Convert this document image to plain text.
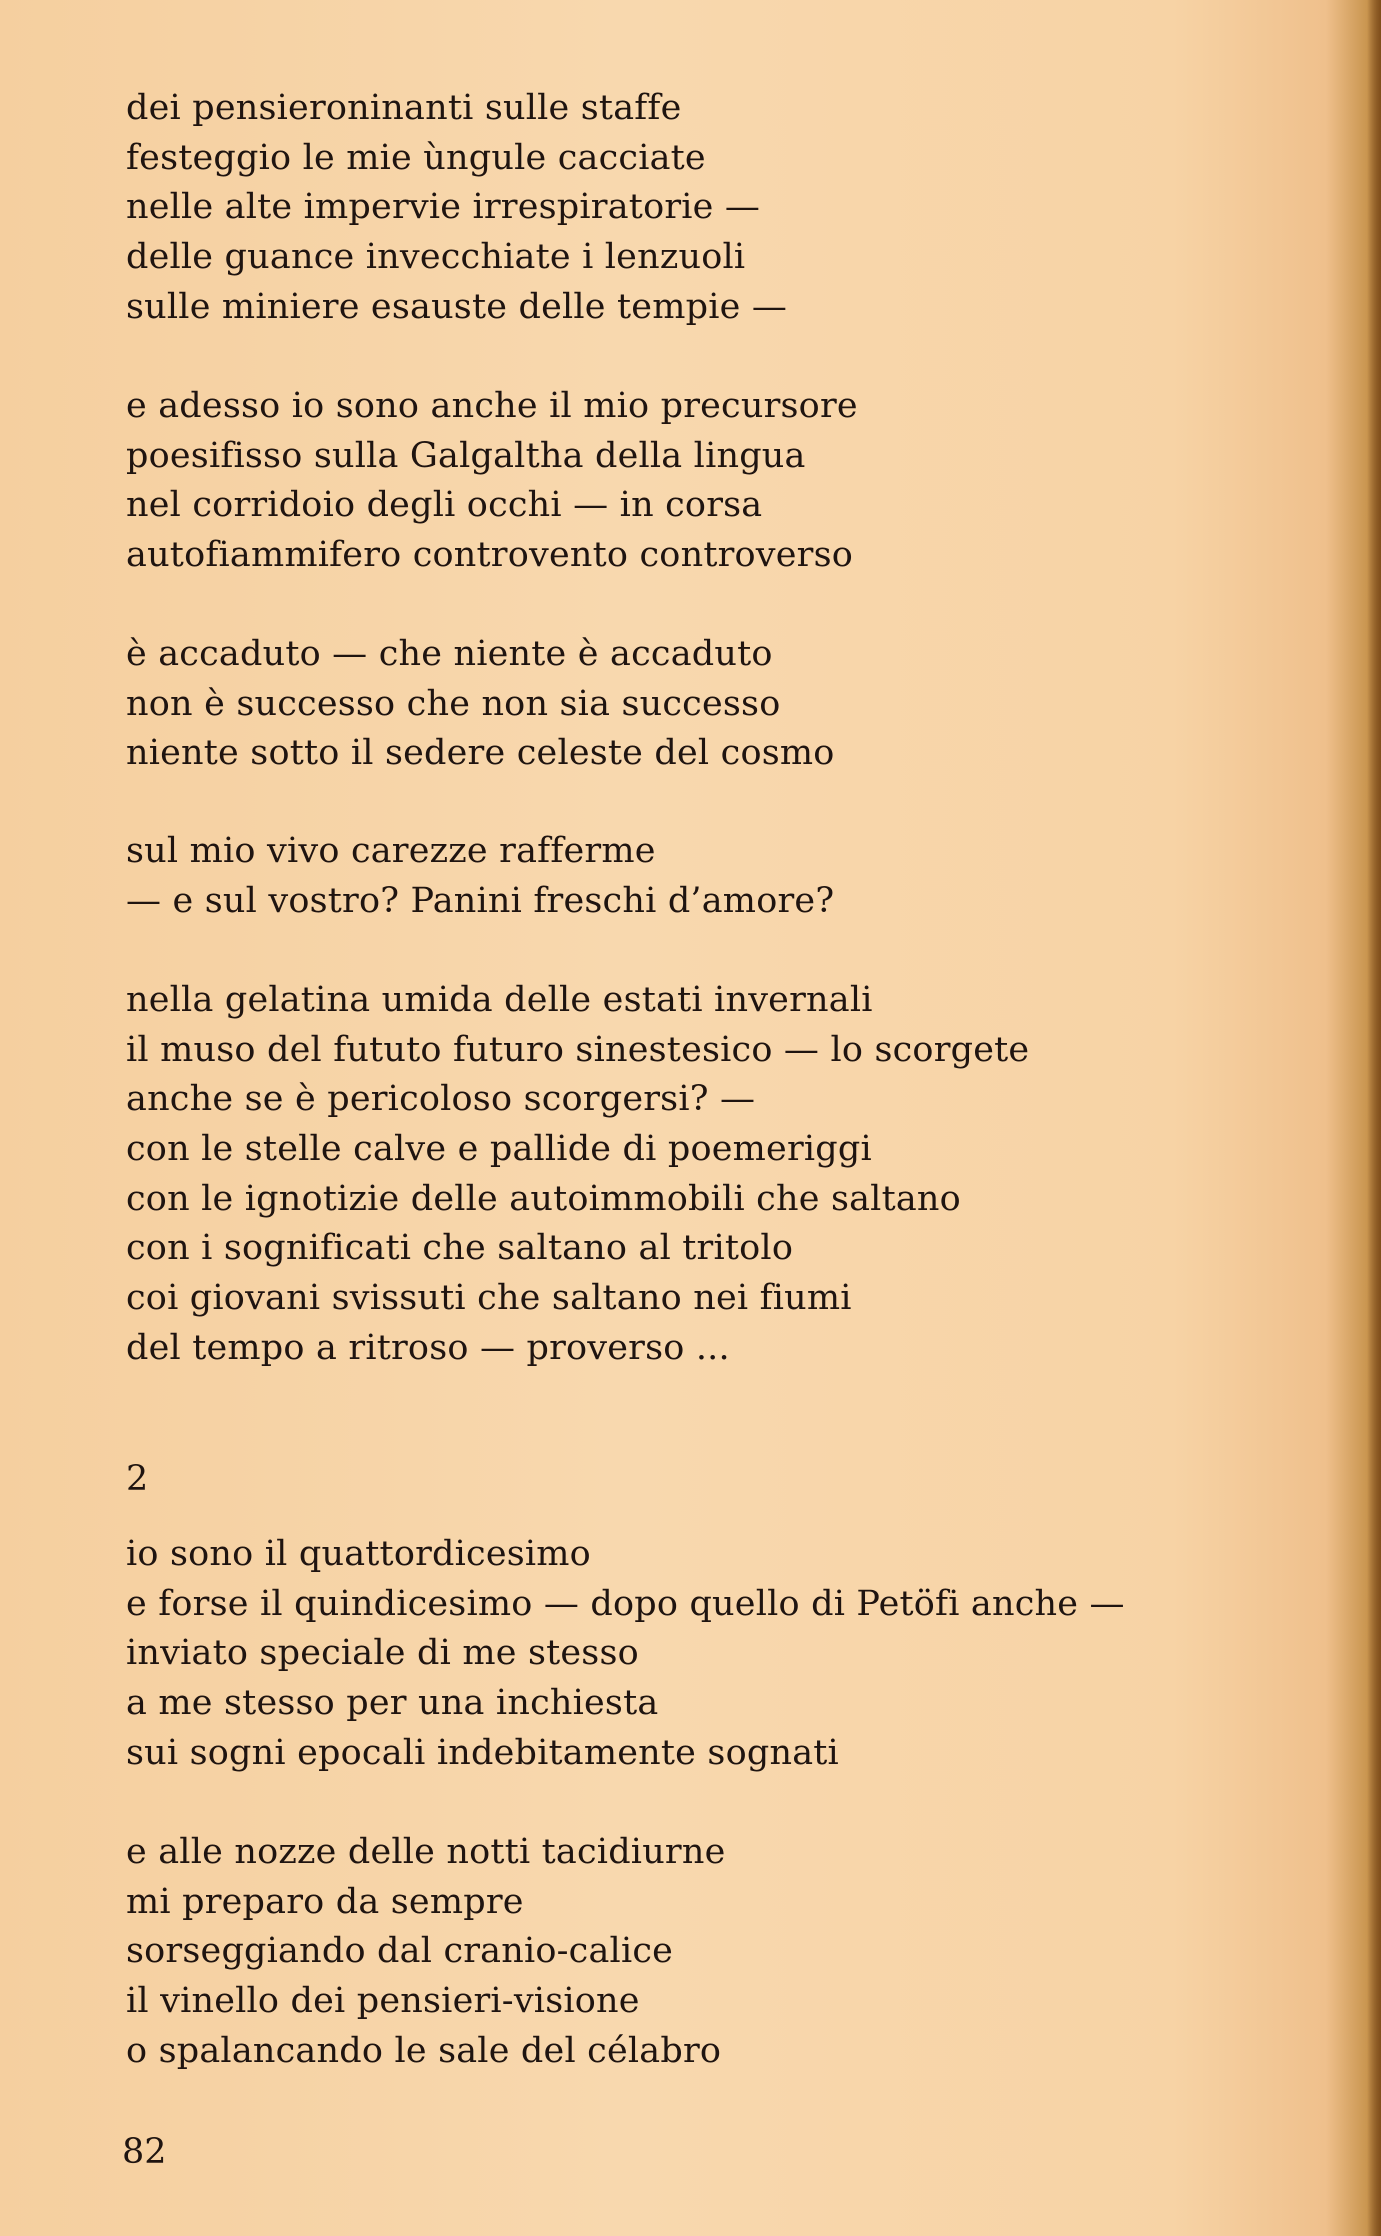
dei pensieroninanti sulle staffe
festeggio le mie ùngule cacciate
nelle alte impervie irrespiratorie —
delle guance invecchiate i lenzuoli
sulle miniere esauste delle tempie —
e adesso io sono anche il mio precursore
poesifisso sulla Galgaltha della lingua
nel corridoio degli occhi — in corsa
autofiammifero controvento controverso
è accaduto — che niente è accaduto
non è successo che non sia successo
niente sotto il sedere celeste del cosmo
sul mio vivo carezze rafferme
— e sul vostro? Panini freschi d’amore?
nella gelatina umida delle estati invernali
il muso del fututo futuro sinestesico — lo scorgete
anche se è pericoloso scorgersi? —
con le stelle calve e pallide di poemeriggi
con le ignotizie delle autoimmobili che saltano
con i sognificati che saltano al tritolo
coi giovani svissuti che saltano nei fiumi
del tempo a ritroso — proverso ...
2
io sono il quattordicesimo
e forse il quindicesimo — dopo quello di Petöfi anche —
inviato speciale di me stesso
a me stesso per una inchiesta
sui sogni epocali indebitamente sognati
e alle nozze delle notti tacidiurne
mi preparo da sempre
sorseggiando dal cranio-calice
il vinello dei pensieri-visione
o spalancando le sale del célabro
82
